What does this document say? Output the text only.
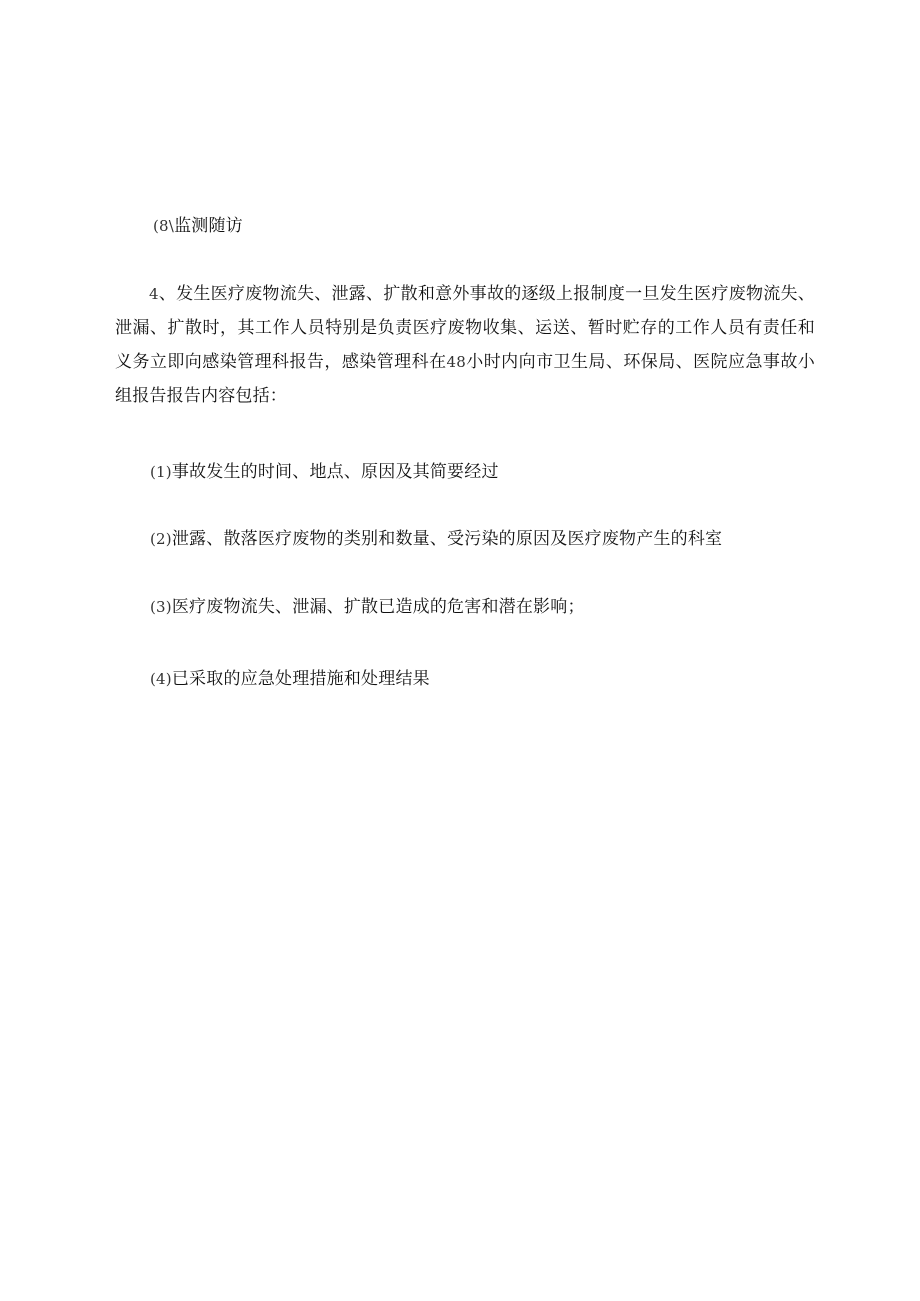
(8\监测随访
4、发生医疗废物流失、泄露、扩散和意外事故的逐级上报制度一旦发生医疗废物流失、泄漏、扩散时，其工作人员特别是负责医疗废物收集、运送、暂时贮存的工作人员有责任和义务立即向感染管理科报告，感染管理科在48小时内向市卫生局、环保局、医院应急事故小组报告报告内容包括：
(1)事故发生的时间、地点、原因及其简要经过
(2)泄露、散落医疗废物的类别和数量、受污染的原因及医疗废物产生的科室
(3)医疗废物流失、泄漏、扩散已造成的危害和潜在影响；
(4)已采取的应急处理措施和处理结果
